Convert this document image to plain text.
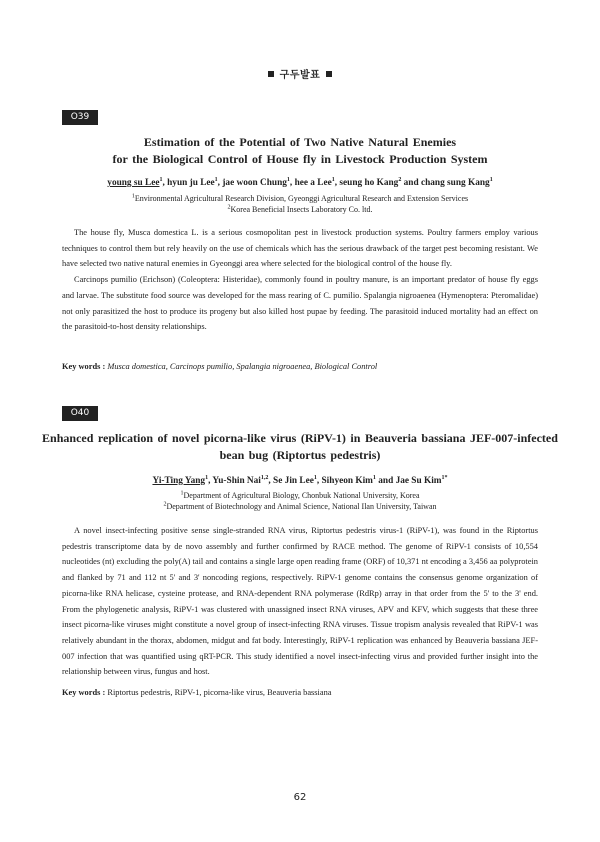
구두발표
O39
Estimation of the Potential of Two Native Natural Enemies
for the Biological Control of House fly in Livestock Production System
young su Lee$^1$, hyun ju Lee$^1$, jae woon Chung$^1$, hee a Lee$^1$, seung ho Kang$^2$ and chang sung Kang$^1$
$^1$Environmental Agricultural Research Division, Gyeonggi Agricultural Research and Extension Services
$^2$Korea Beneficial Insects Laboratory Co. ltd.

The house fly, Musca domestica L. is a serious cosmopolitan pest in livestock production systems. Poultry farmers employ various techniques to control them but rely heavily on the use of chemicals which has the serious drawback of the target pest becoming resistant. We have selected two native natural enemies in Gyeonggi area where selected for the biological control of the house fly.

Carcinops pumilio (Erichson) (Coleoptera: Histeridae), commonly found in poultry manure, is an important predator of house fly eggs and larvae. The substitute food source was developed for the mass rearing of C. pumilio. Spalangia nigroaenea (Hymenoptera: Pteromalidae) not only parasitized the host to produce its progeny but also killed host pupae by feeding. The parasitoid induced mortality had an effect on the parasitoid-to-host density relationships.

Key words : Musca domestica, Carcinops pumilio, Spalangia nigroaenea, Biological Control
O40
Enhanced replication of novel picorna-like virus (RiPV-1) in Beauveria bassiana JEF-007-infected
bean bug (Riptortus pedestris)
Yi-Ting Yang$^1$, Yu-Shin Nai$^{1,2}$, Se Jin Lee$^1$, Sihyeon Kim$^1$ and Jae Su Kim$^{1*}$
$^1$Department of Agricultural Biology, Chonbuk National University, Korea
$^2$Department of Biotechnology and Animal Science, National Ilan University, Taiwan

A novel insect-infecting positive sense single-stranded RNA virus, Riptortus pedestris virus-1 (RiPV-1), was found in the Riptortus pedestris transcriptome data by de novo assembly and further confirmed by RACE method. The genome of RiPV-1 consists of 10,554 nucleotides (nt) excluding the poly(A) tail and contains a single large open reading frame (ORF) of 10,371 nt encoding a 3,456 aa polyprotein and flanked by 71 and 112 nt 5' and 3' noncoding regions, respectively. RiPV-1 genome contains the consensus genome organization of picorna-like RNA helicase, cysteine protease, and RNA-dependent RNA polymerase (RdRp) array in that order from the 5' to the 3' end. From the phylogenetic analysis, RiPV-1 was clustered with unassigned insect RNA viruses, APV and KFV, which suggests that these three insect picorna-like viruses might constitute a novel group of insect-infecting RNA viruses. Tissue tropism analysis revealed that RiPV-1 was relatively abundant in the thorax, abdomen, midgut and fat body. Interestingly, RiPV-1 replication was enhanced by Beauveria bassiana JEF-007 infection that was quantified using qRT-PCR. This study identified a novel insect-infecting virus and provided further insight into the relationship between virus, fungus and host.

Key words : Riptortus pedestris, RiPV-1, picorna-like virus, Beauveria bassiana
62
